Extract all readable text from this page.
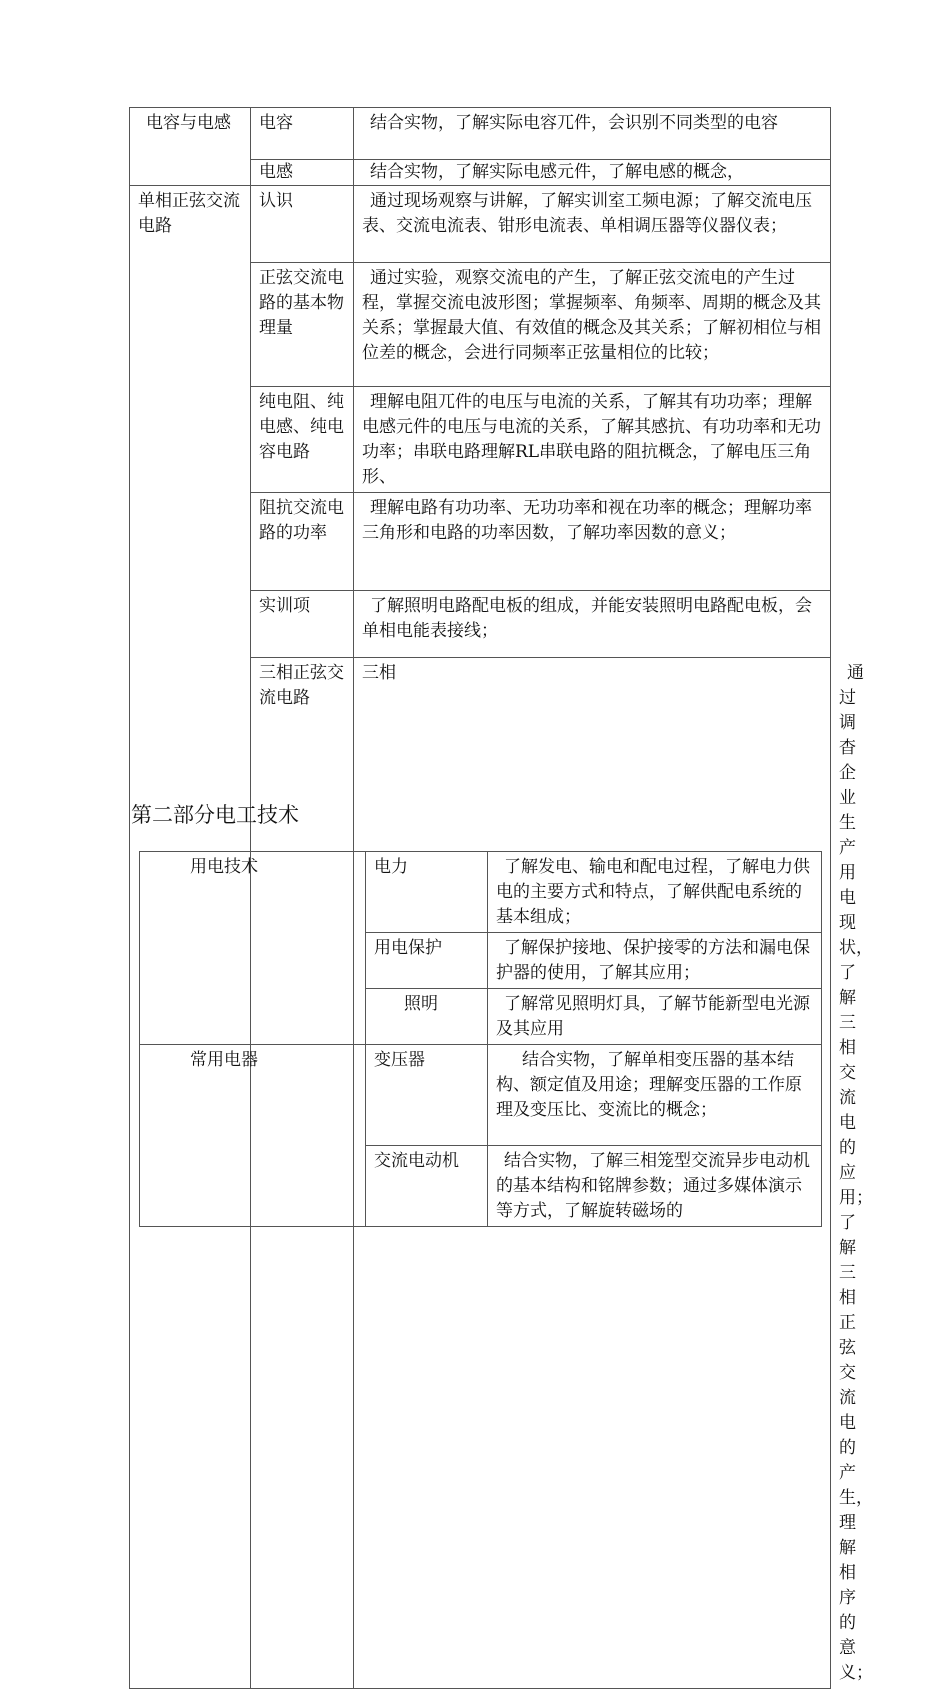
电容与电感	电容	结合实物，了解实际电容兀件，会识别不同类型的电容	
	电感	结合实物，了解实际电感元件，了解电感的概念，	
单相正弦交流电路	认识	通过现场观察与讲解，了解实训室工频电源；了解交流电压表、交流电流表、钳形电流表、单相调压器等仪器仪表；	
	正弦交流电路的基本物理量	通过实验，观察交流电的产生，了解正弦交流电的产生过程，掌握交流电波形图；掌握频率、角频率、周期的概念及其关系；掌握最大值、有效值的概念及其关系；了解初相位与相位差的概念，会进行同频率正弦量相位的比较；	
	纯电阻、纯电感、纯电容电路	理解电阻兀件的电压与电流的关系，了解其有功功率；理解电感元件的电压与电流的关系，了解其感抗、有功功率和无功功率；串联电路理解RL串联电路的阻抗概念，了解电压三角形、	
	阻抗交流电路的功率	理解电路有功功率、无功功率和视在功率的概念；理解功率三角形和电路的功率因数，了解功率因数的意义；	
	实训项	了解照明电路配电板的组成，并能安装照明电路配电板，会单相电能表接线；	
	三相正弦交流电路	三相	通过调杳企业生产用电现状，了解三相交流电的应用；了解三相正弦交流电的产生，理解相序的意义；
第二部分电工技术
用电技术	电力	了解发电、输电和配电过程，了解电力供电的主要方式和特点，了解供配电系统的基本组成；
	用电保护	了解保护接地、保护接零的方法和漏电保护器的使用，了解其应用；
	照明	了解常见照明灯具，了解节能新型电光源及其应用
常用电器	变压器	结合实物，了解单相变压器的基本结构、额定值及用途；理解变压器的工作原理及变压比、变流比的概念；
	交流电动机	结合实物，了解三相笼型交流异步电动机的基本结构和铭牌参数；通过多媒体演示等方式，了解旋转磁场的
